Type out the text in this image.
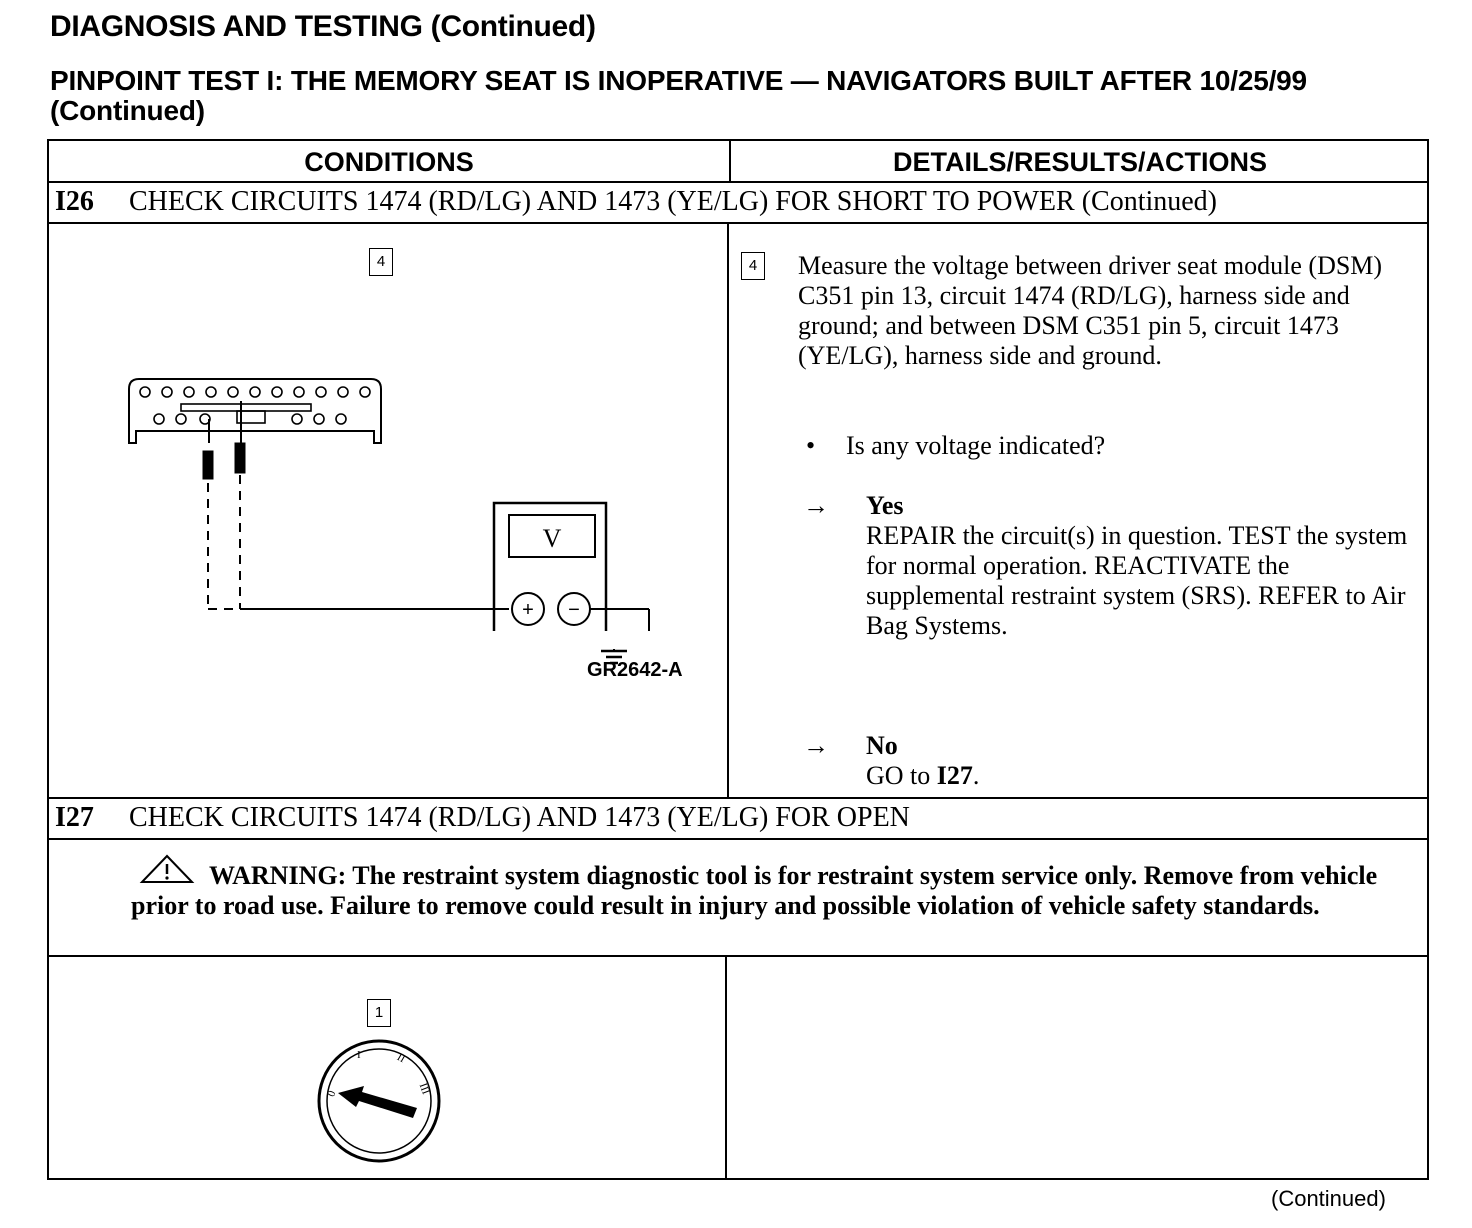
DIAGNOSIS AND TESTING (Continued)
PINPOINT TEST I: THE MEMORY SEAT IS INOPERATIVE — NAVIGATORS BUILT AFTER 10/25/99 (Continued)
CONDITIONS	DETAILS/RESULTS/ACTIONS
I26 CHECK CIRCUITS 1474 (RD/LG) AND 1473 (YE/LG) FOR SHORT TO POWER (Continued)
4
V
+ −
GR2642-A
4	Measure the voltage between driver seat module (DSM) C351 pin 13, circuit 1474 (RD/LG), harness side and ground; and between DSM C351 pin 5, circuit 1473 (YE/LG), harness side and ground.
• Is any voltage indicated?
→ Yes
REPAIR the circuit(s) in question. TEST the system for normal operation. REACTIVATE the supplemental restraint system (SRS). REFER to Air Bag Systems.
→ No
GO to I27.
I27 CHECK CIRCUITS 1474 (RD/LG) AND 1473 (YE/LG) FOR OPEN
WARNING: The restraint system diagnostic tool is for restraint system service only. Remove from vehicle prior to road use. Failure to remove could result in injury and possible violation of vehicle safety standards.
1
0
I	II
III
(Continued)
